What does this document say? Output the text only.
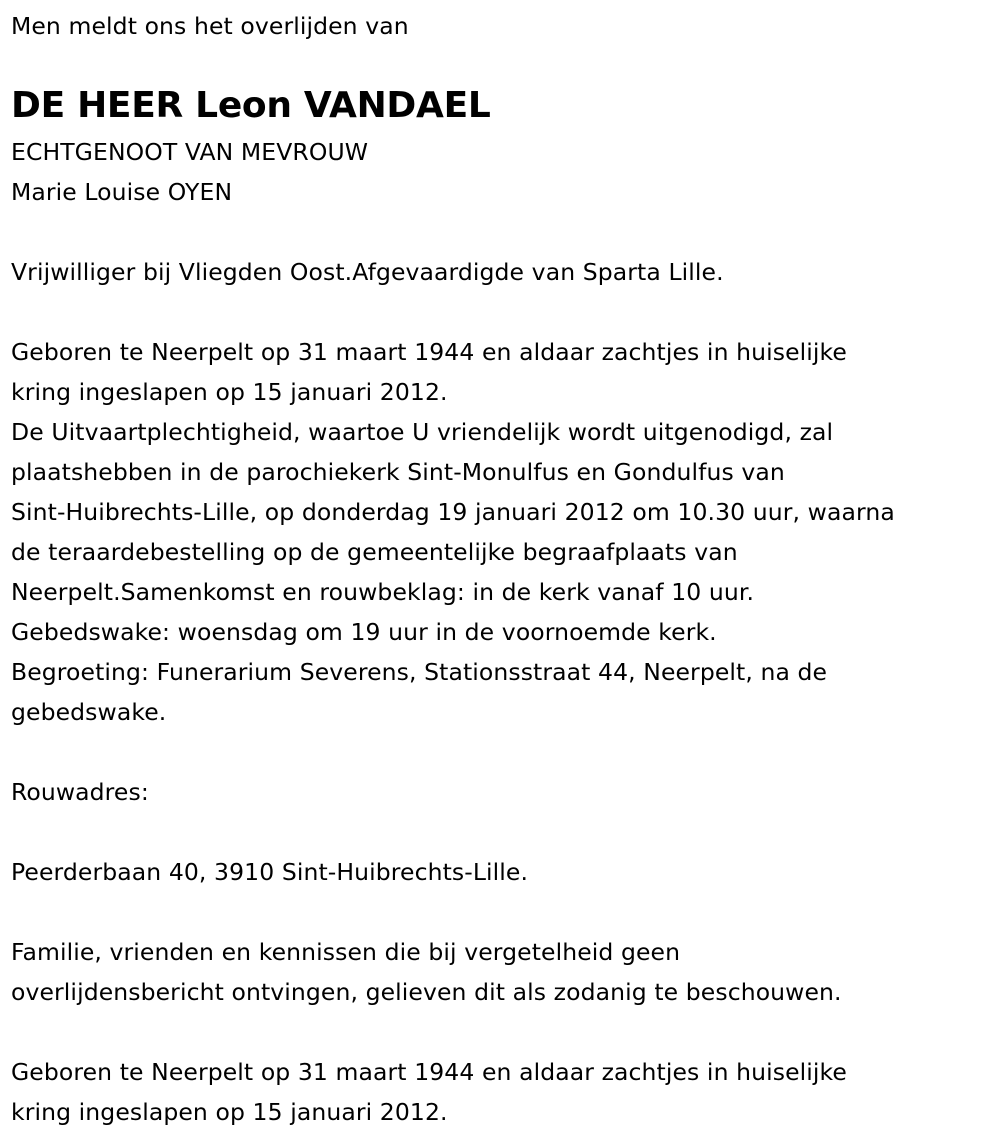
Men meldt ons het overlijden van
DE HEER Leon VANDAEL
ECHTGENOOT VAN MEVROUW
Marie Louise OYEN
Vrijwilliger bij Vliegden Oost.Afgevaardigde van Sparta Lille.
Geboren te Neerpelt op 31 maart 1944 en aldaar zachtjes in huiselijke
kring ingeslapen op 15 januari 2012.
De Uitvaartplechtigheid, waartoe U vriendelijk wordt uitgenodigd, zal
plaatshebben in de parochiekerk Sint-Monulfus en Gondulfus van
Sint-Huibrechts-Lille, op donderdag 19 januari 2012 om 10.30 uur, waarna
de teraardebestelling op de gemeentelijke begraafplaats van
Neerpelt.Samenkomst en rouwbeklag: in de kerk vanaf 10 uur.
Gebedswake: woensdag om 19 uur in de voornoemde kerk.
Begroeting: Funerarium Severens, Stationsstraat 44, Neerpelt, na de
gebedswake.
Rouwadres:
Peerderbaan 40, 3910 Sint-Huibrechts-Lille.
Familie, vrienden en kennissen die bij vergetelheid geen
overlijdensbericht ontvingen, gelieven dit als zodanig te beschouwen.
Geboren te Neerpelt op 31 maart 1944 en aldaar zachtjes in huiselijke
kring ingeslapen op 15 januari 2012.
